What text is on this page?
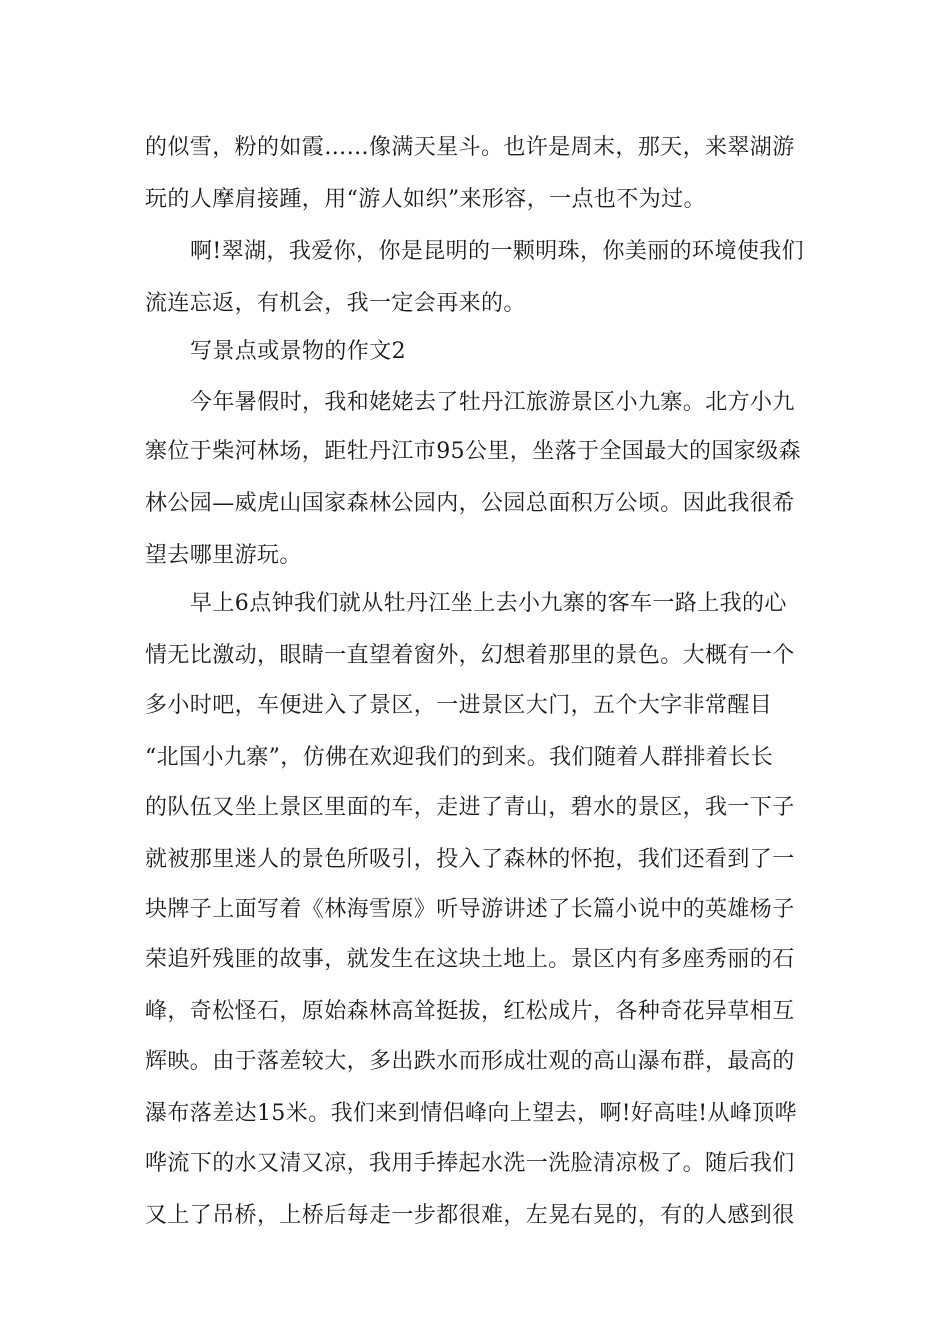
的似雪，粉的如霞……像满天星斗。也许是周末，那天，来翠湖游
玩的人摩肩接踵，用“游人如织”来形容，一点也不为过。
啊!翠湖，我爱你，你是昆明的一颗明珠，你美丽的环境使我们
流连忘返，有机会，我一定会再来的。
写景点或景物的作文2
今年暑假时，我和姥姥去了牡丹江旅游景区小九寨。北方小九
寨位于柴河林场，距牡丹江市95公里，坐落于全国最大的国家级森
林公园—威虎山国家森林公园内，公园总面积万公顷。因此我很希
望去哪里游玩。
早上6点钟我们就从牡丹江坐上去小九寨的客车一路上我的心
情无比激动，眼睛一直望着窗外，幻想着那里的景色。大概有一个
多小时吧，车便进入了景区，一进景区大门，五个大字非常醒目
“北国小九寨”，仿佛在欢迎我们的到来。我们随着人群排着长长
的队伍又坐上景区里面的车，走进了青山，碧水的景区，我一下子
就被那里迷人的景色所吸引，投入了森林的怀抱，我们还看到了一
块牌子上面写着《林海雪原》听导游讲述了长篇小说中的英雄杨子
荣追歼残匪的故事，就发生在这块土地上。景区内有多座秀丽的石
峰，奇松怪石，原始森林高耸挺拔，红松成片，各种奇花异草相互
辉映。由于落差较大，多出跌水而形成壮观的高山瀑布群，最高的
瀑布落差达15米。我们来到情侣峰向上望去，啊!好高哇!从峰顶哗
哗流下的水又清又凉，我用手捧起水洗一洗脸清凉极了。随后我们
又上了吊桥，上桥后每走一步都很难，左晃右晃的，有的人感到很
